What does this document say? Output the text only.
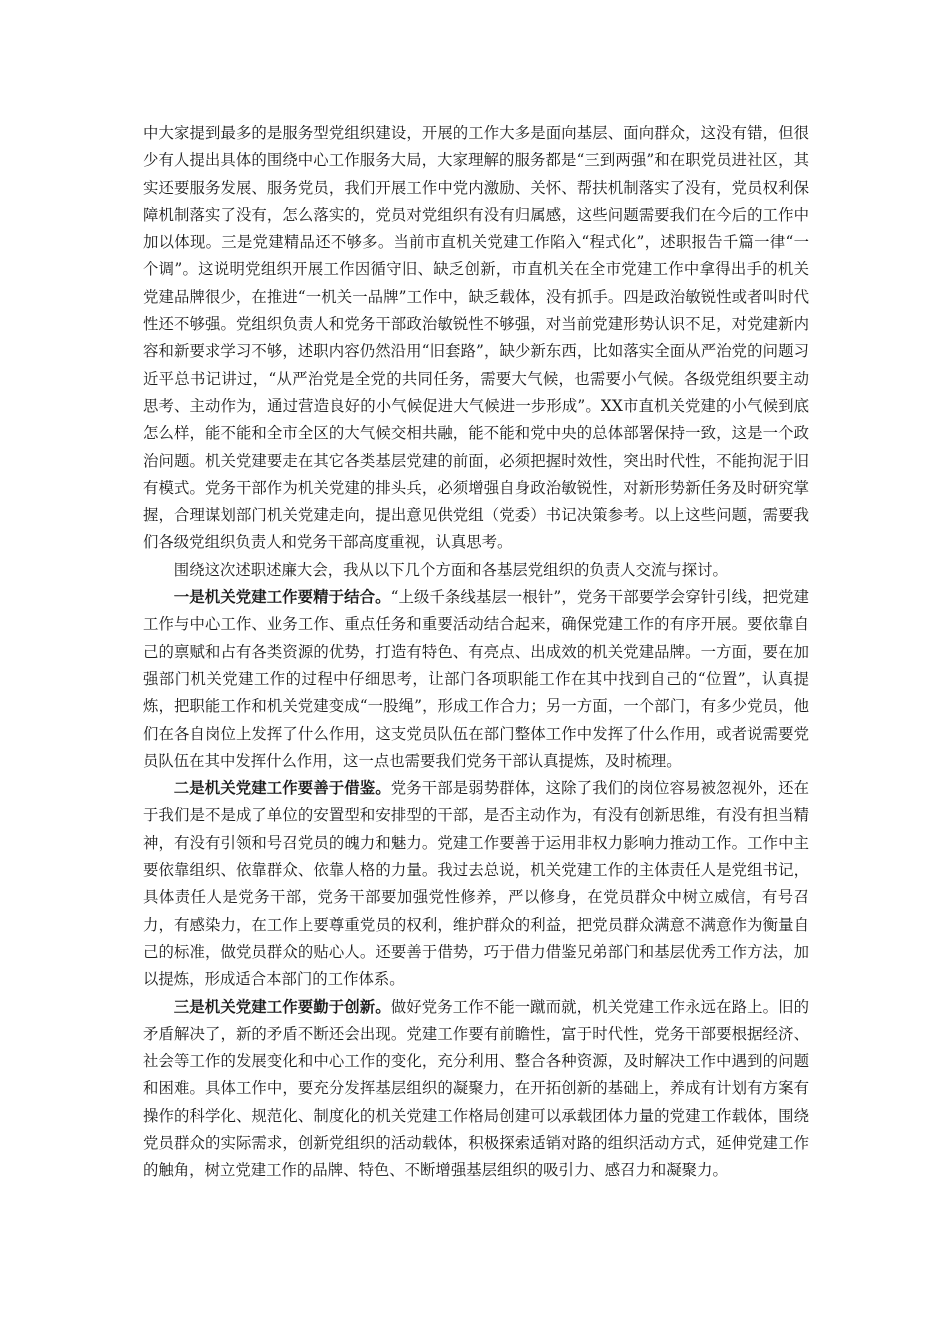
中大家提到最多的是服务型党组织建设，开展的工作大多是面向基层、面向群众，这没有错，但很少有人提出具体的围绕中心工作服务大局，大家理解的服务都是“三到两强”和在职党员进社区，其实还要服务发展、服务党员，我们开展工作中党内激励、关怀、帮扶机制落实了没有，党员权利保障机制落实了没有，怎么落实的，党员对党组织有没有归属感，这些问题需要我们在今后的工作中加以体现。三是党建精品还不够多。当前市直机关党建工作陷入“程式化”，述职报告千篇一律“一个调”。这说明党组织开展工作因循守旧、缺乏创新，市直机关在全市党建工作中拿得出手的机关党建品牌很少，在推进“一机关一品牌”工作中，缺乏载体，没有抓手。四是政治敏锐性或者叫时代性还不够强。党组织负责人和党务干部政治敏锐性不够强，对当前党建形势认识不足，对党建新内容和新要求学习不够，述职内容仍然沿用“旧套路”，缺少新东西，比如落实全面从严治党的问题习近平总书记讲过，“从严治党是全党的共同任务，需要大气候，也需要小气候。各级党组织要主动思考、主动作为，通过营造良好的小气候促进大气候进一步形成”。XX市直机关党建的小气候到底怎么样，能不能和全市全区的大气候交相共融，能不能和党中央的总体部署保持一致，这是一个政治问题。机关党建要走在其它各类基层党建的前面，必须把握时效性，突出时代性，不能拘泥于旧有模式。党务干部作为机关党建的排头兵，必须增强自身政治敏锐性，对新形势新任务及时研究掌握，合理谋划部门机关党建走向，提出意见供党组（党委）书记决策参考。以上这些问题，需要我们各级党组织负责人和党务干部高度重视，认真思考。

围绕这次述职述廉大会，我从以下几个方面和各基层党组织的负责人交流与探讨。

一是机关党建工作要精于结合。“上级千条线基层一根针”，党务干部要学会穿针引线，把党建工作与中心工作、业务工作、重点任务和重要活动结合起来，确保党建工作的有序开展。要依靠自己的禀赋和占有各类资源的优势，打造有特色、有亮点、出成效的机关党建品牌。一方面，要在加强部门机关党建工作的过程中仔细思考，让部门各项职能工作在其中找到自己的“位置”，认真提炼，把职能工作和机关党建变成“一股绳”，形成工作合力；另一方面，一个部门，有多少党员，他们在各自岗位上发挥了什么作用，这支党员队伍在部门整体工作中发挥了什么作用，或者说需要党员队伍在其中发挥什么作用，这一点也需要我们党务干部认真提炼，及时梳理。

二是机关党建工作要善于借鉴。党务干部是弱势群体，这除了我们的岗位容易被忽视外，还在于我们是不是成了单位的安置型和安排型的干部，是否主动作为，有没有创新思维，有没有担当精神，有没有引领和号召党员的魄力和魅力。党建工作要善于运用非权力影响力推动工作。工作中主要依靠组织、依靠群众、依靠人格的力量。我过去总说，机关党建工作的主体责任人是党组书记，具体责任人是党务干部，党务干部要加强党性修养，严以修身，在党员群众中树立威信，有号召力，有感染力，在工作上要尊重党员的权利，维护群众的利益，把党员群众满意不满意作为衡量自己的标准，做党员群众的贴心人。还要善于借势，巧于借力借鉴兄弟部门和基层优秀工作方法，加以提炼，形成适合本部门的工作体系。

三是机关党建工作要勤于创新。做好党务工作不能一蹴而就，机关党建工作永远在路上。旧的矛盾解决了，新的矛盾不断还会出现。党建工作要有前瞻性，富于时代性，党务干部要根据经济、社会等工作的发展变化和中心工作的变化，充分利用、整合各种资源，及时解决工作中遇到的问题和困难。具体工作中，要充分发挥基层组织的凝聚力，在开拓创新的基础上，养成有计划有方案有操作的科学化、规范化、制度化的机关党建工作格局创建可以承载团体力量的党建工作载体，围绕党员群众的实际需求，创新党组织的活动载体，积极探索适销对路的组织活动方式，延伸党建工作的触角，树立党建工作的品牌、特色、不断增强基层组织的吸引力、感召力和凝聚力。
